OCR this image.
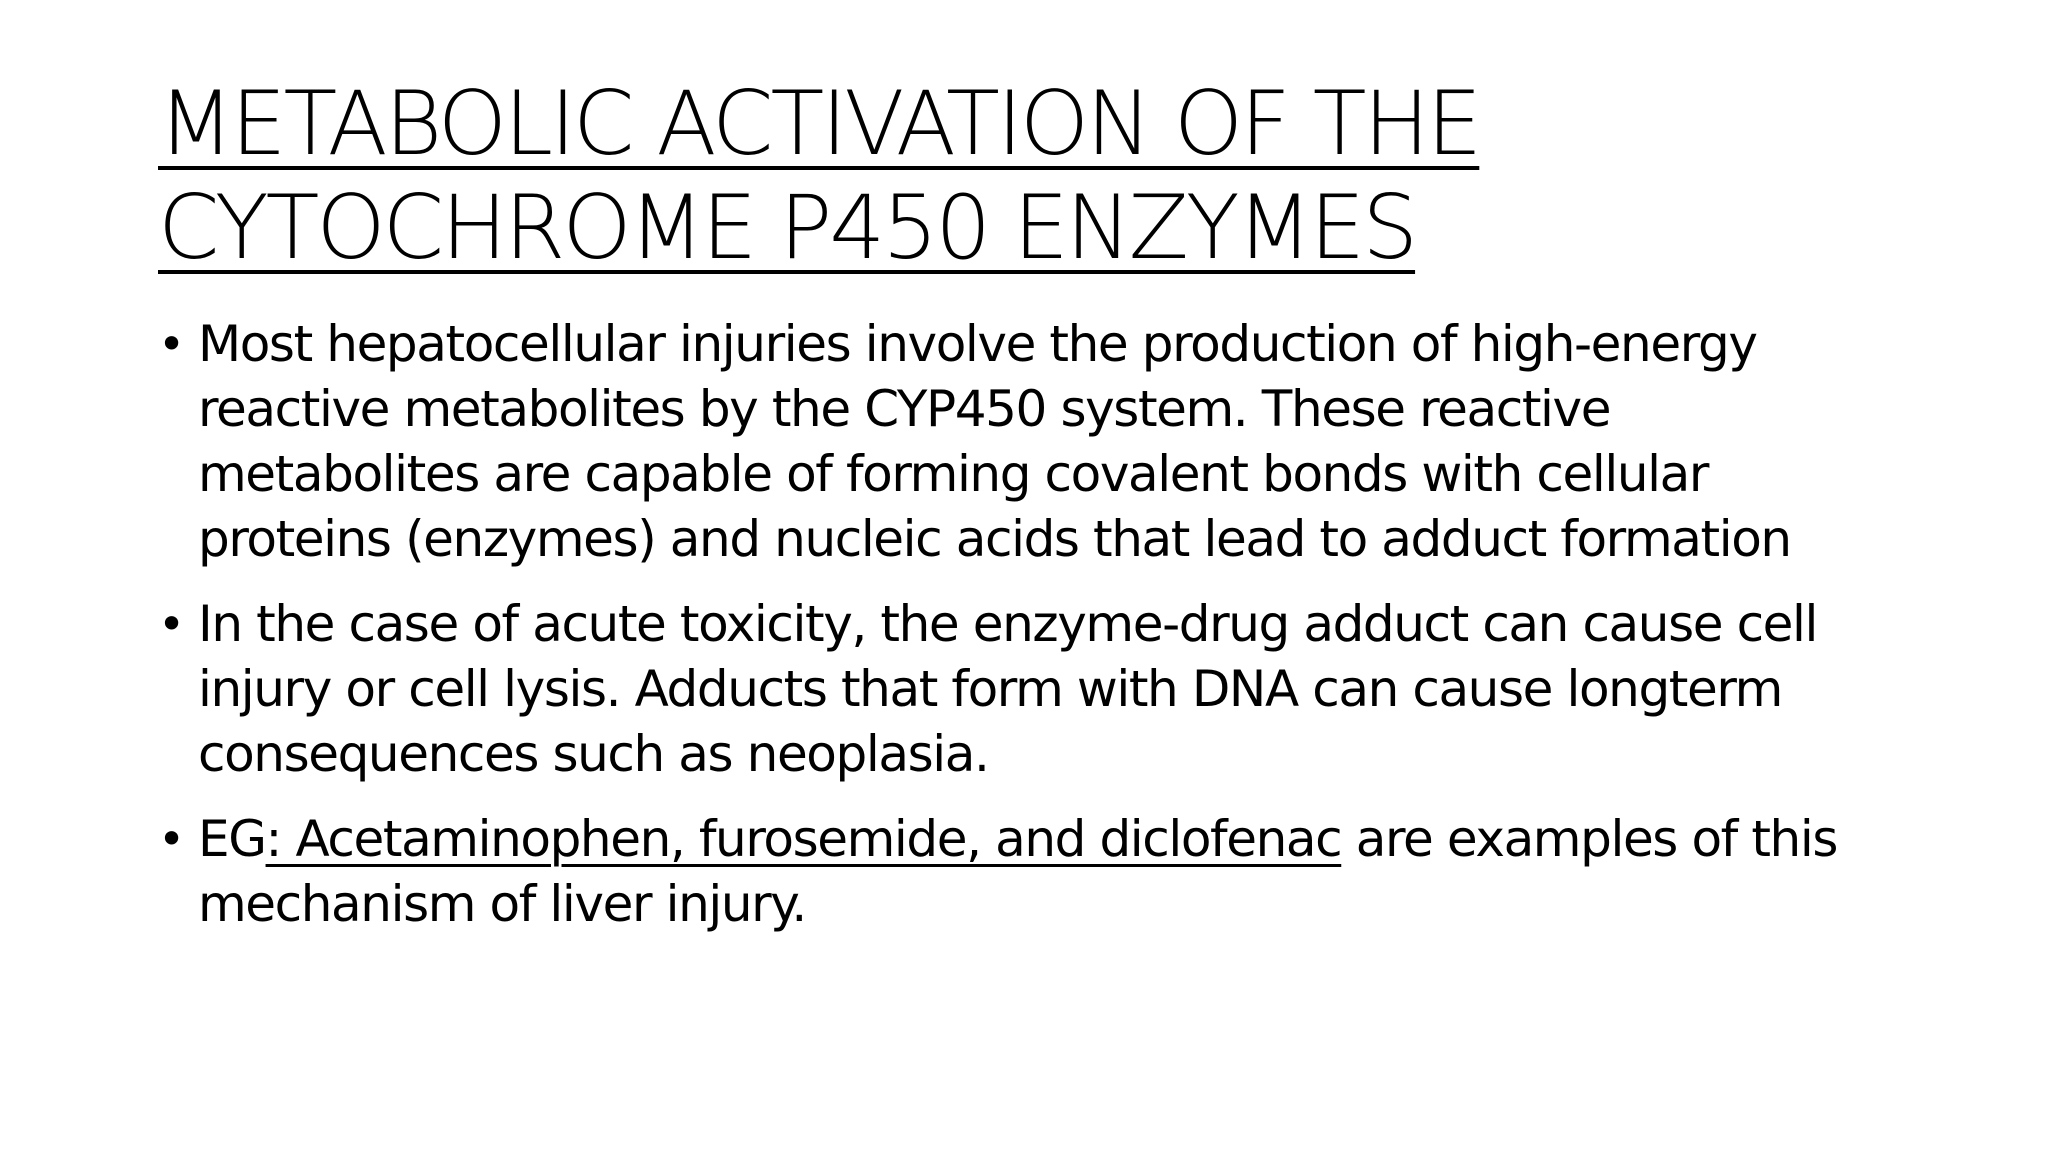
METABOLIC ACTIVATION OF THE
CYTOCHROME P450 ENZYMES
• Most hepatocellular injuries involve the production of high-energy
reactive metabolites by the CYP450 system. These reactive
metabolites are capable of forming covalent bonds with cellular
proteins (enzymes) and nucleic acids that lead to adduct formation
• In the case of acute toxicity, the enzyme-drug adduct can cause cell
injury or cell lysis. Adducts that form with DNA can cause longterm
consequences such as neoplasia.
• EG: Acetaminophen, furosemide, and diclofenac are examples of this
mechanism of liver injury.
